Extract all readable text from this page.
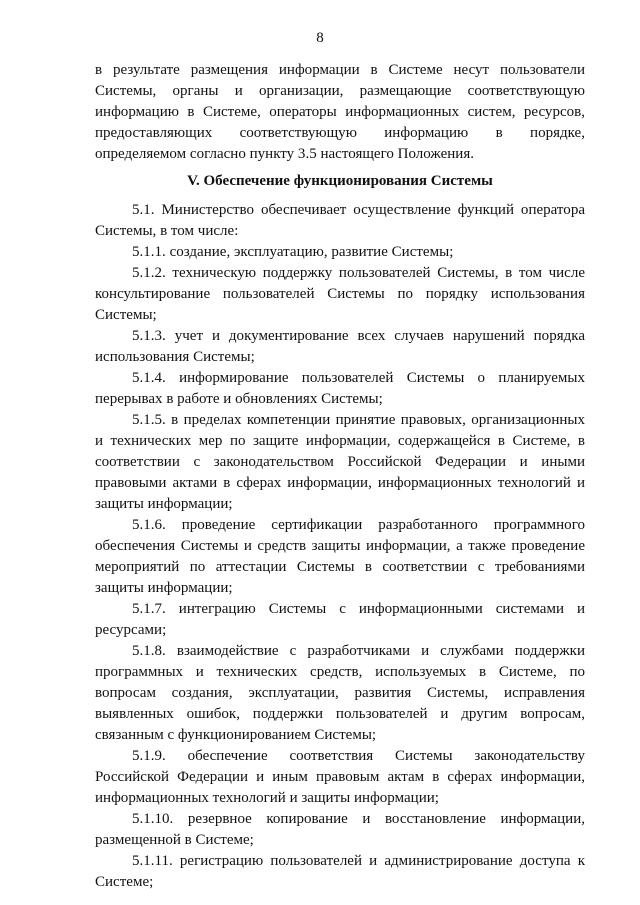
8

в результате размещения информации в Системе несут пользователи Системы, органы и организации, размещающие соответствующую информацию в Системе, операторы информационных систем, ресурсов, предоставляющих соответствующую информацию в порядке, определяемом согласно пункту 3.5 настоящего Положения.

V. Обеспечение функционирования Системы

5.1. Министерство обеспечивает осуществление функций оператора Системы, в том числе:

5.1.1. создание, эксплуатацию, развитие Системы;

5.1.2. техническую поддержку пользователей Системы, в том числе консультирование пользователей Системы по порядку использования Системы;

5.1.3. учет и документирование всех случаев нарушений порядка использования Системы;

5.1.4. информирование пользователей Системы о планируемых перерывах в работе и обновлениях Системы;

5.1.5. в пределах компетенции принятие правовых, организационных и технических мер по защите информации, содержащейся в Системе, в соответствии с законодательством Российской Федерации и иными правовыми актами в сферах информации, информационных технологий и защиты информации;

5.1.6. проведение сертификации разработанного программного обеспечения Системы и средств защиты информации, а также проведение мероприятий по аттестации Системы в соответствии с требованиями защиты информации;

5.1.7. интеграцию Системы с информационными системами и ресурсами;

5.1.8. взаимодействие с разработчиками и службами поддержки программных и технических средств, используемых в Системе, по вопросам создания, эксплуатации, развития Системы, исправления выявленных ошибок, поддержки пользователей и другим вопросам, связанным с функционированием Системы;

5.1.9. обеспечение соответствия Системы законодательству Российской Федерации и иным правовым актам в сферах информации, информационных технологий и защиты информации;

5.1.10. резервное копирование и восстановление информации, размещенной в Системе;

5.1.11. регистрацию пользователей и администрирование доступа к Системе;
